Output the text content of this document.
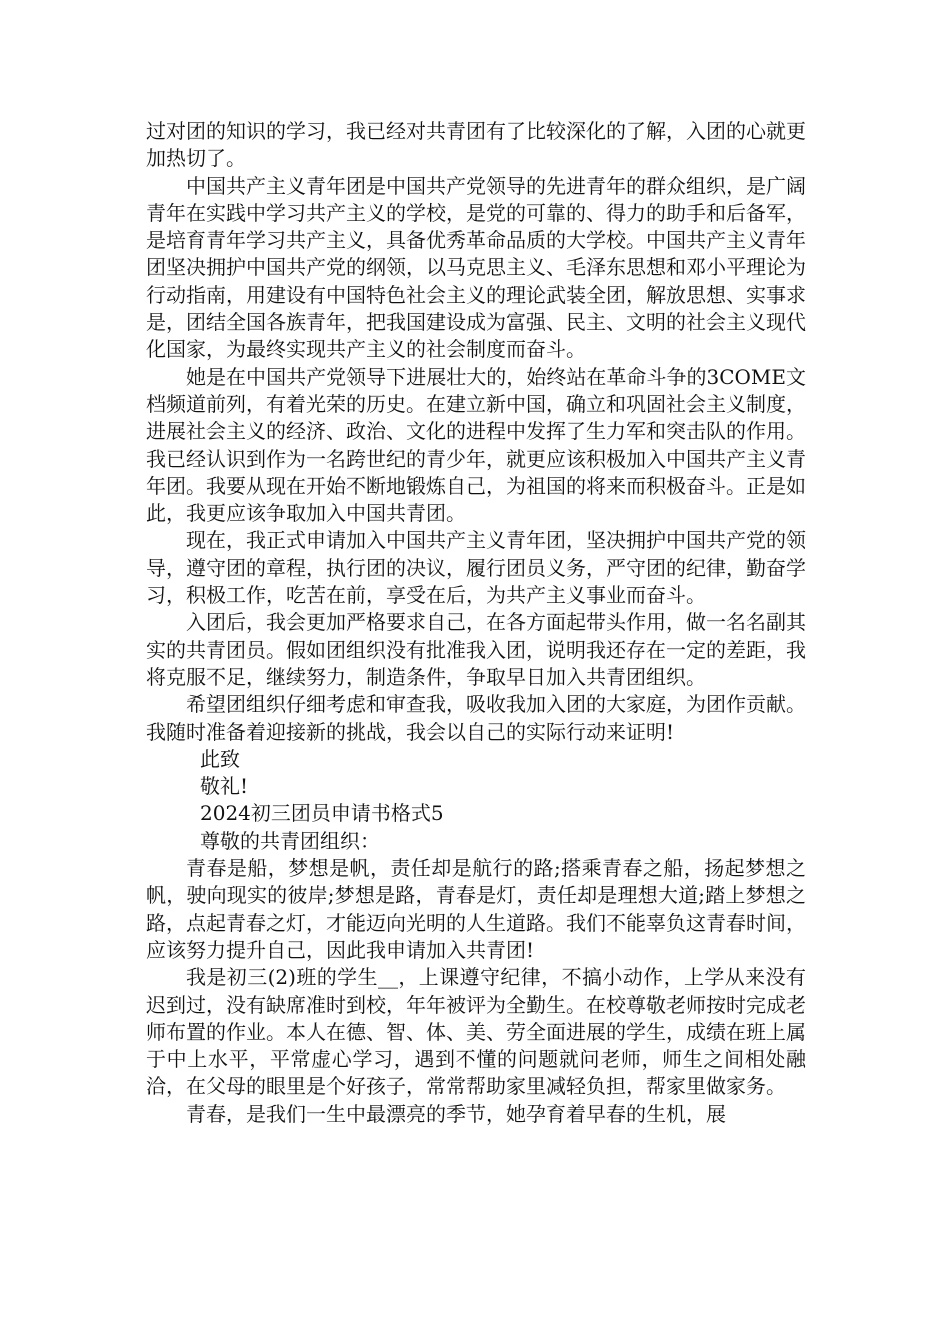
过对团的知识的学习，我已经对共青团有了比较深化的了解，入团的心就更加热切了。

中国共产主义青年团是中国共产党领导的先进青年的群众组织，是广阔青年在实践中学习共产主义的学校，是党的可靠的、得力的助手和后备军，是培育青年学习共产主义，具备优秀革命品质的大学校。中国共产主义青年团坚决拥护中国共产党的纲领，以马克思主义、毛泽东思想和邓小平理论为行动指南，用建设有中国特色社会主义的理论武装全团，解放思想、实事求是，团结全国各族青年，把我国建设成为富强、民主、文明的社会主义现代化国家，为最终实现共产主义的社会制度而奋斗。

她是在中国共产党领导下进展壮大的，始终站在革命斗争的3COME文档频道前列，有着光荣的历史。在建立新中国，确立和巩固社会主义制度，进展社会主义的经济、政治、文化的进程中发挥了生力军和突击队的作用。我已经认识到作为一名跨世纪的青少年，就更应该积极加入中国共产主义青年团。我要从现在开始不断地锻炼自己，为祖国的将来而积极奋斗。正是如此，我更应该争取加入中国共青团。

现在，我正式申请加入中国共产主义青年团，坚决拥护中国共产党的领导，遵守团的章程，执行团的决议，履行团员义务，严守团的纪律，勤奋学习，积极工作，吃苦在前，享受在后，为共产主义事业而奋斗。

入团后，我会更加严格要求自己，在各方面起带头作用，做一名名副其实的共青团员。假如团组织没有批准我入团，说明我还存在一定的差距，我将克服不足，继续努力，制造条件，争取早日加入共青团组织。

希望团组织仔细考虑和审查我，吸收我加入团的大家庭，为团作贡献。我随时准备着迎接新的挑战，我会以自己的实际行动来证明!

此致

敬礼!

2024初三团员申请书格式5

尊敬的共青团组织：

青春是船，梦想是帆，责任却是航行的路;搭乘青春之船，扬起梦想之帆，驶向现实的彼岸;梦想是路，青春是灯，责任却是理想大道;踏上梦想之路，点起青春之灯，才能迈向光明的人生道路。我们不能辜负这青春时间，应该努力提升自己，因此我申请加入共青团!

我是初三(2)班的学生__，上课遵守纪律，不搞小动作，上学从来没有迟到过，没有缺席准时到校，年年被评为全勤生。在校尊敬老师按时完成老师布置的作业。本人在德、智、体、美、劳全面进展的学生，成绩在班上属于中上水平，平常虚心学习，遇到不懂的问题就问老师，师生之间相处融洽，在父母的眼里是个好孩子，常常帮助家里减轻负担，帮家里做家务。

青春，是我们一生中最漂亮的季节，她孕育着早春的生机，展
